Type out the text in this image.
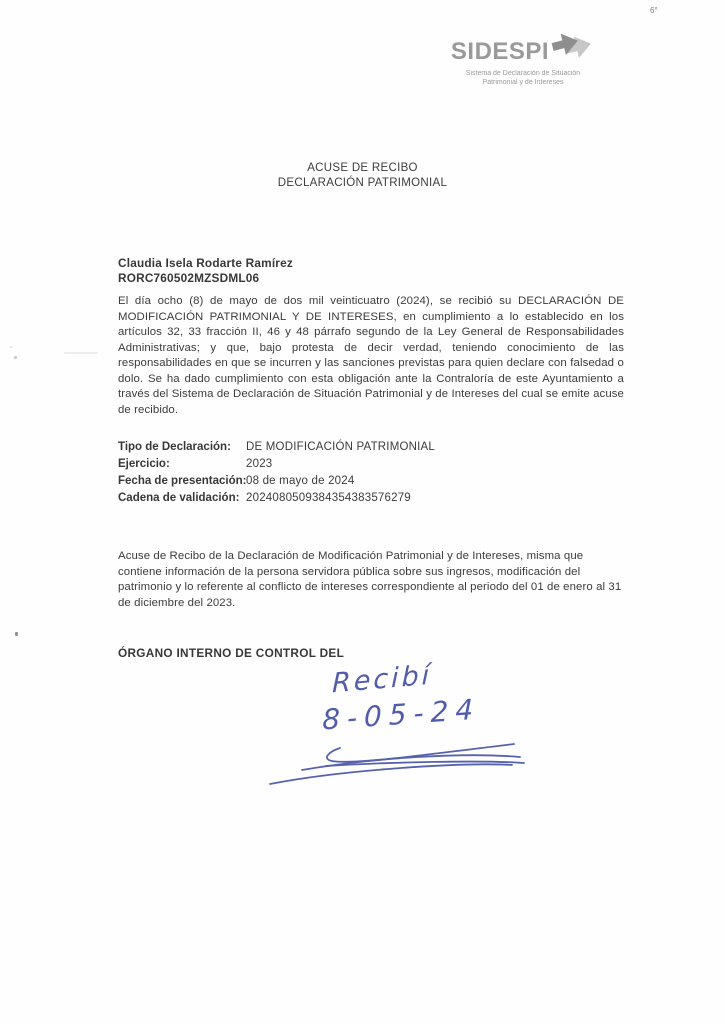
SIDESPI
Sistema de Declaración de Situación
Patrimonial y de Intereses
ACUSE DE RECIBO
DECLARACIÓN PATRIMONIAL
Claudia Isela Rodarte Ramírez
RORC760502MZSDML06
El día ocho (8) de mayo de dos mil veinticuatro (2024), se recibió su DECLARACIÓN DE MODIFICACIÓN PATRIMONIAL Y DE INTERESES, en cumplimiento a lo establecido en los artículos 32, 33 fracción II, 46 y 48 párrafo segundo de la Ley General de Responsabilidades Administrativas; y que, bajo protesta de decir verdad, teniendo conocimiento de las responsabilidades en que se incurren y las sanciones previstas para quien declare con falsedad o dolo. Se ha dado cumplimiento con esta obligación ante la Contraloría de este Ayuntamiento a través del Sistema de Declaración de Situación Patrimonial y de Intereses del cual se emite acuse de recibido.
Tipo de Declaración:	DE MODIFICACIÓN PATRIMONIAL
Ejercicio:	2023
Fecha de presentación: 08 de mayo de 2024
Cadena de validación: 2024080509384354383576279
Acuse de Recibo de la Declaración de Modificación Patrimonial y de Intereses, misma que contiene información de la persona servidora pública sobre sus ingresos, modificación del patrimonio y lo referente al conflicto de intereses correspondiente al periodo del 01 de enero al 31 de diciembre del 2023.
ÓRGANO INTERNO DE CONTROL DEL
Recibí
8-05-24
6°
